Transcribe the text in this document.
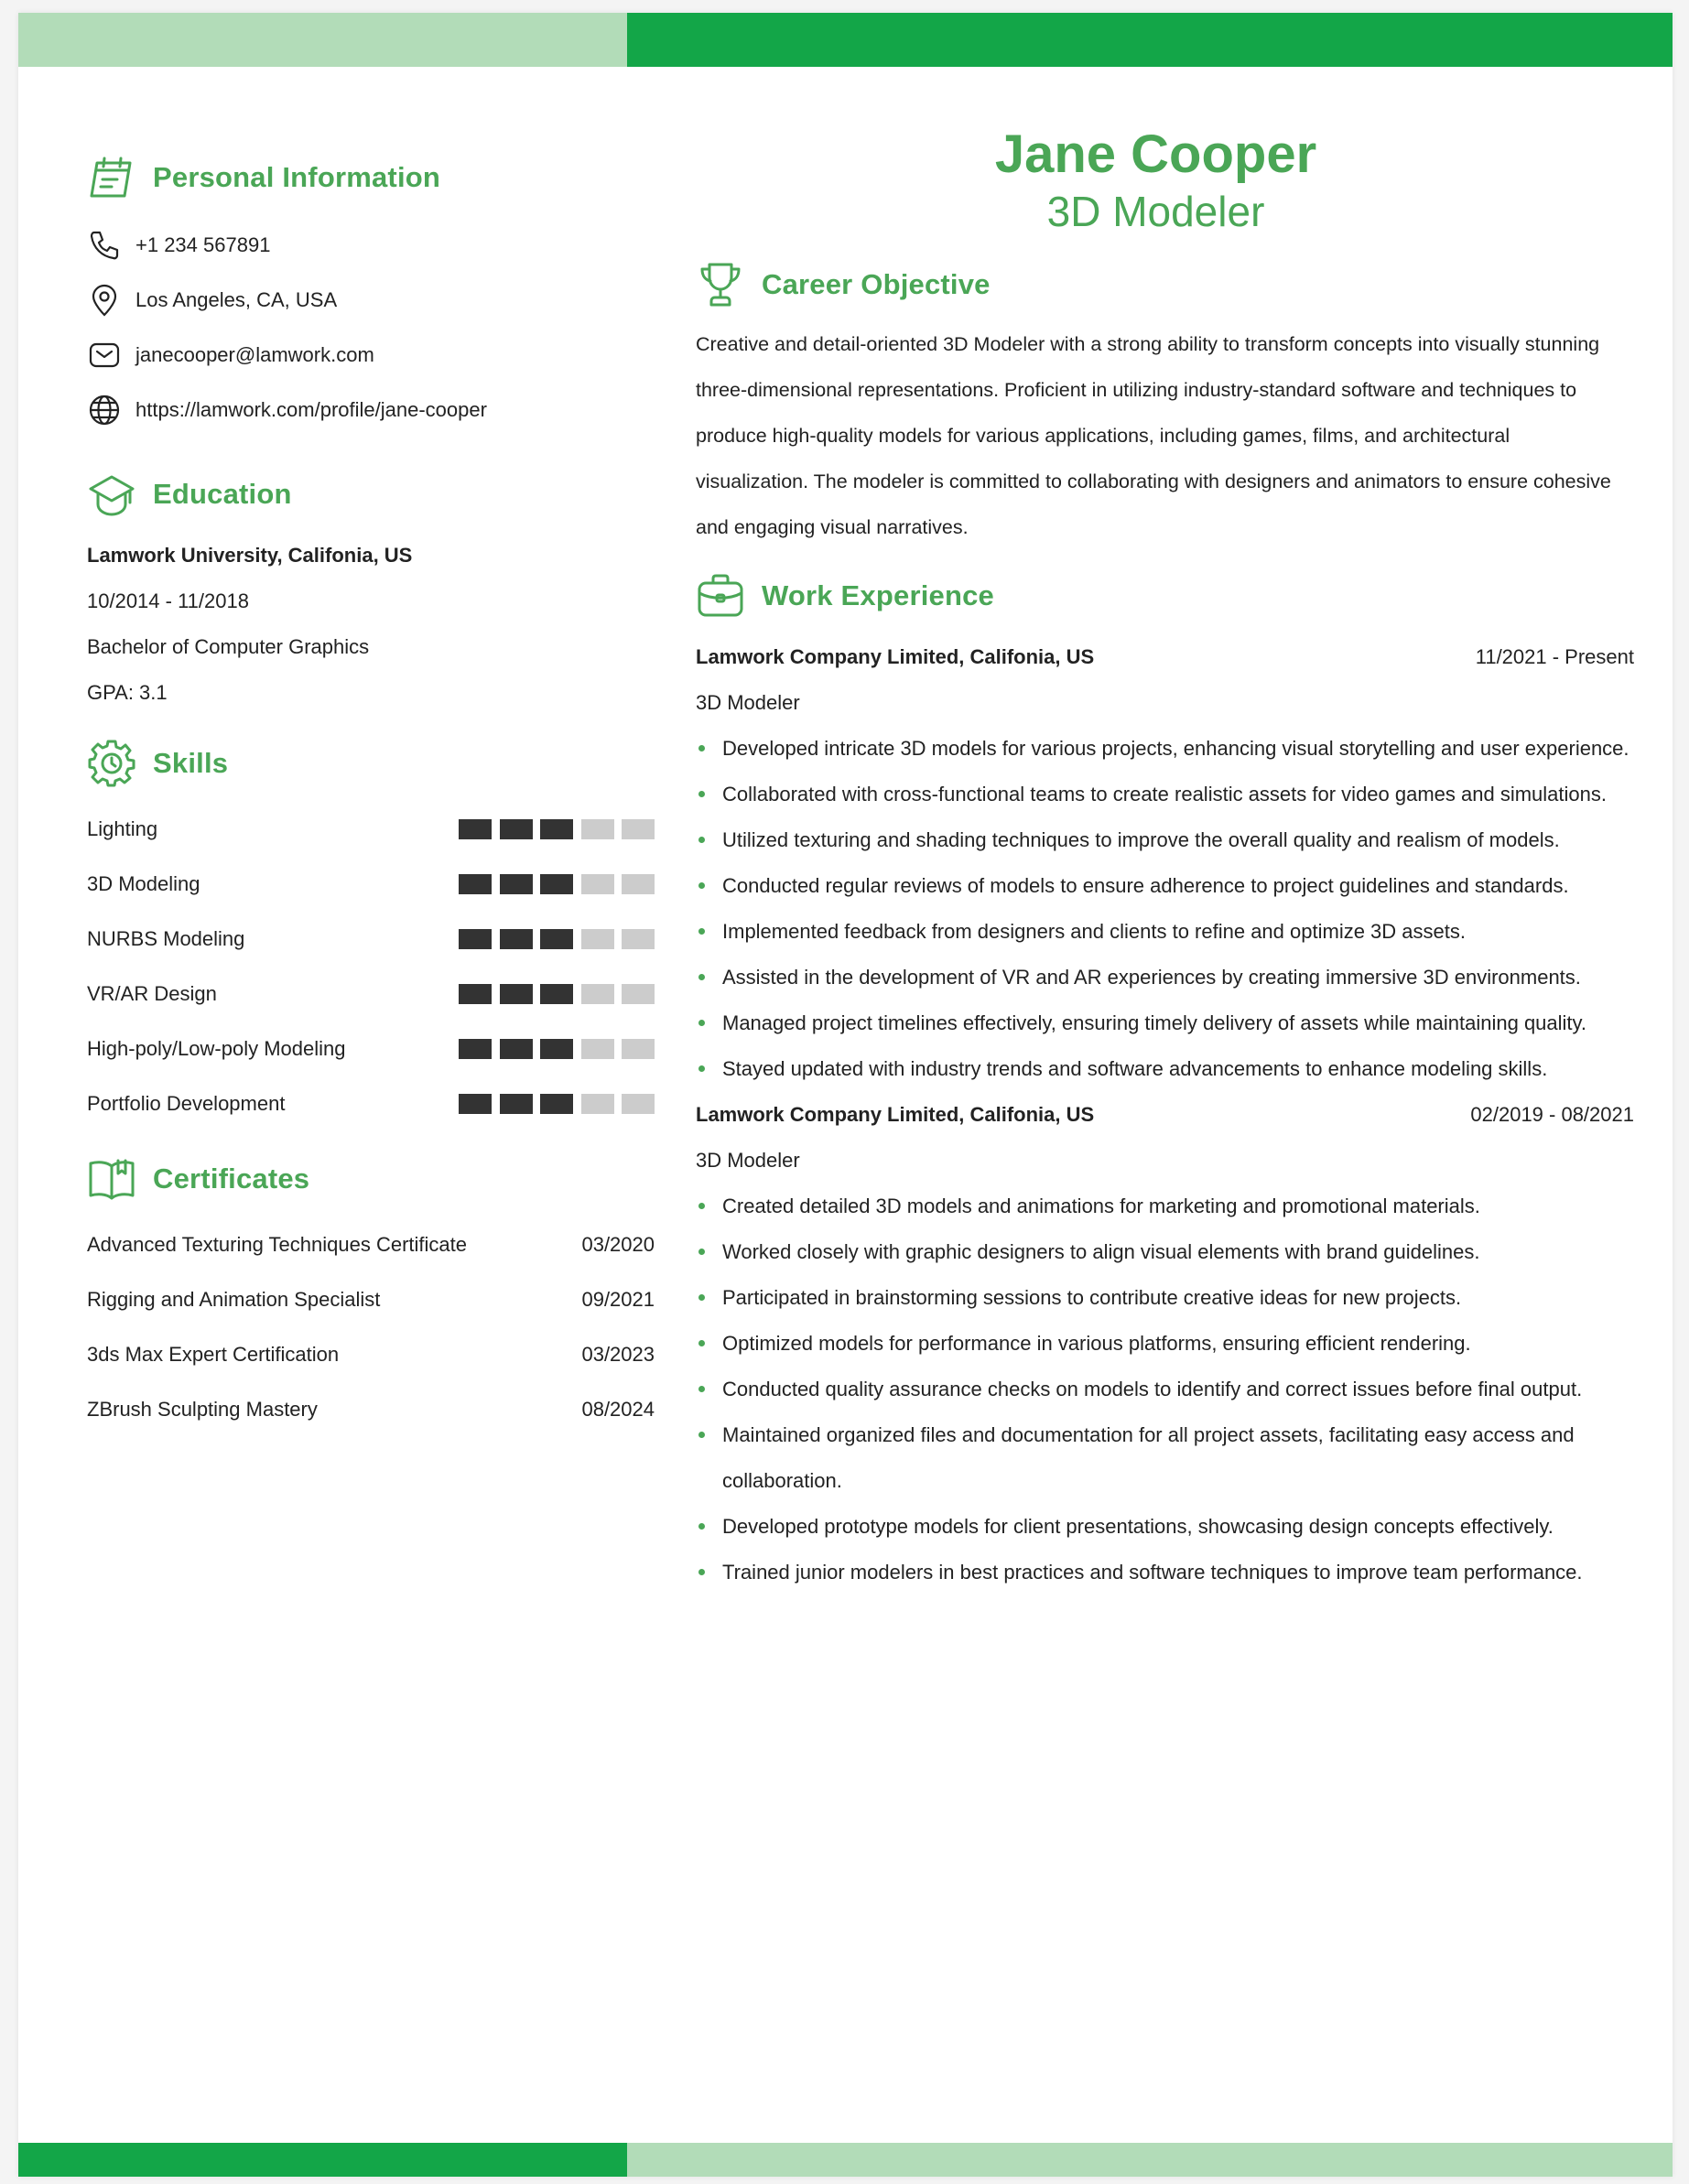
Personal Information
+1 234 567891
Los Angeles, CA, USA
janecooper@lamwork.com
https://lamwork.com/profile/jane-cooper
Education
Lamwork University, Califonia, US
10/2014 - 11/2018
Bachelor of Computer Graphics
GPA: 3.1
Skills
Lighting
3D Modeling
NURBS Modeling
VR/AR Design
High-poly/Low-poly Modeling
Portfolio Development
Certificates
Advanced Texturing Techniques Certificate	03/2020
Rigging and Animation Specialist	09/2021
3ds Max Expert Certification	03/2023
ZBrush Sculpting Mastery	08/2024
Jane Cooper
3D Modeler
Career Objective
Creative and detail-oriented 3D Modeler with a strong ability to transform concepts into visually stunning three-dimensional representations. Proficient in utilizing industry-standard software and techniques to produce high-quality models for various applications, including games, films, and architectural visualization. The modeler is committed to collaborating with designers and animators to ensure cohesive and engaging visual narratives.
Work Experience
Lamwork Company Limited, Califonia, US	11/2021 - Present
3D Modeler
Developed intricate 3D models for various projects, enhancing visual storytelling and user experience.
Collaborated with cross-functional teams to create realistic assets for video games and simulations.
Utilized texturing and shading techniques to improve the overall quality and realism of models.
Conducted regular reviews of models to ensure adherence to project guidelines and standards.
Implemented feedback from designers and clients to refine and optimize 3D assets.
Assisted in the development of VR and AR experiences by creating immersive 3D environments.
Managed project timelines effectively, ensuring timely delivery of assets while maintaining quality.
Stayed updated with industry trends and software advancements to enhance modeling skills.
Lamwork Company Limited, Califonia, US	02/2019 - 08/2021
3D Modeler
Created detailed 3D models and animations for marketing and promotional materials.
Worked closely with graphic designers to align visual elements with brand guidelines.
Participated in brainstorming sessions to contribute creative ideas for new projects.
Optimized models for performance in various platforms, ensuring efficient rendering.
Conducted quality assurance checks on models to identify and correct issues before final output.
Maintained organized files and documentation for all project assets, facilitating easy access and collaboration.
Developed prototype models for client presentations, showcasing design concepts effectively.
Trained junior modelers in best practices and software techniques to improve team performance.
